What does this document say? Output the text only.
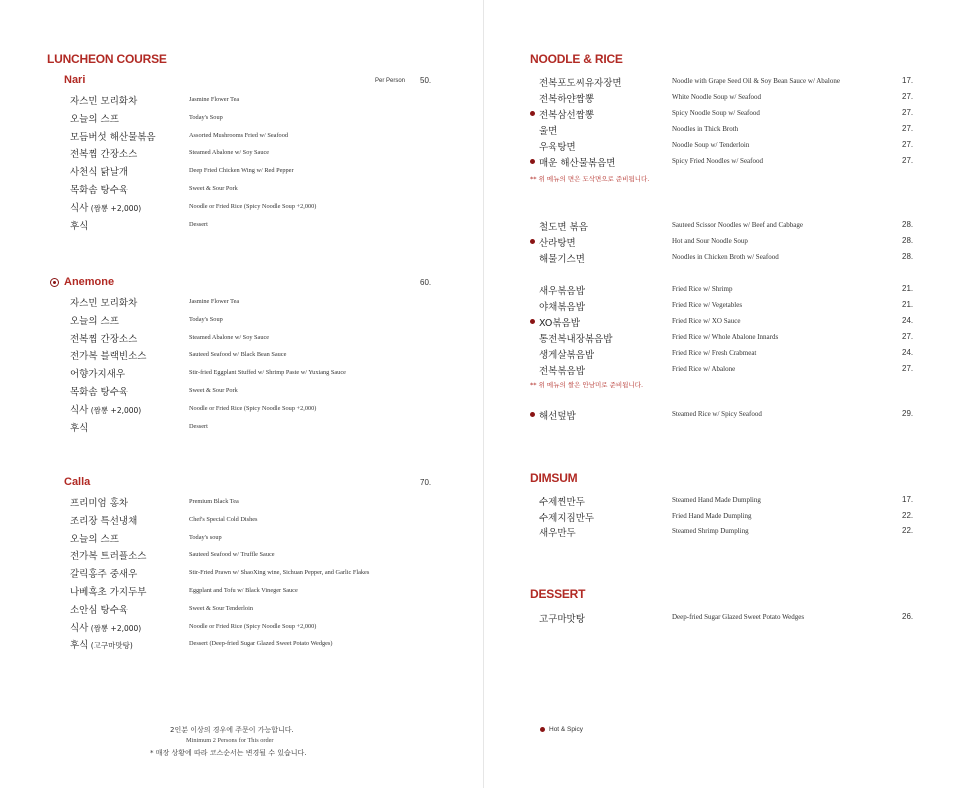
LUNCHEON COURSE
Nari	Per Person 50.
자스민 모리화차	Jasmine Flower Tea
오늘의 스프	Today's Soup
모듬버섯 해산물볶음	Assorted Mushrooms Fried w/ Seafood
전복찜 간장소스	Steamed Abalone w/ Soy Sauce
사천식 닭날개	Deep Fried Chicken Wing w/ Red Pepper
목화솜 탕수육	Sweet & Sour Pork
식사 (짬뽕 +2,000)	Noodle or Fried Rice (Spicy Noodle Soup +2,000)
후식	Dessert
Anemone	60.
자스민 모리화차	Jasmine Flower Tea
오늘의 스프	Today's Soup
전복찜 간장소스	Steamed Abalone w/ Soy Sauce
전가복 블랙빈소스	Sauteed Seafood w/ Black Bean Sauce
어향가지새우	Stir-fried Eggplant Stuffed w/ Shrimp Paste w/ Yuxiang Sauce
목화솜 탕수육	Sweet & Sour Pork
식사 (짬뽕 +2,000)	Noodle or Fried Rice (Spicy Noodle Soup +2,000)
후식	Dessert
Calla	70.
프리미엄 홍차	Premium Black Tea
조리장 특선냉채	Chef's Special Cold Dishes
오늘의 스프	Today's soup
전가복 트러플소스	Sauteed Seafood w/ Truffle Sauce
갈릭홍주 중새우	Stir-Fried Prawn w/ ShaoXing wine, Sichuan Pepper, and Garlic Flakes
나베흑초 가지두부	Eggplant and Tofu w/ Black Vineger Sauce
소안심 탕수육	Sweet & Sour Tenderloin
식사 (짬뽕 +2,000)	Noodle or Fried Rice (Spicy Noodle Soup +2,000)
후식 (고구마맛탕)	Dessert (Deep-fried Sugar Glazed Sweet Potato Wedges)
2인분 이상의 경우에 주문이 가능합니다.
Minimum 2 Persons for This order
* 매장 상황에 따라 코스순서는 변경될 수 있습니다.
NOODLE & RICE
전복포도씨유자장면	Noodle with Grape Seed Oil & Soy Bean Sauce w/ Abalone	17.
전복하얀짬뽕	White Noodle Soup w/ Seafood	27.
전복삼선짬뽕	Spicy Noodle Soup w/ Seafood	27.
울면	Noodles in Thick Broth	27.
우육탕면	Noodle Soup w/ Tenderloin	27.
매운 해산물볶음면	Spicy Fried Noodles w/ Seafood	27.
** 위 메뉴의 면은 도삭면으로 준비됩니다.
철도면 볶음	Sauteed Scissor Noodles w/ Beef and Cabbage	28.
산라탕면	Hot and Sour Noodle Soup	28.
해물기스면	Noodles in Chicken Broth w/ Seafood	28.
새우볶음밥	Fried Rice w/ Shrimp	21.
야채볶음밥	Fried Rice w/ Vegetables	21.
XO볶음밥	Fried Rice w/ XO Sauce	24.
통전복내장볶음밥	Fried Rice w/ Whole Abalone Innards	27.
생게살볶음밥	Fried Rice w/ Fresh Crabmeat	24.
전복볶음밥	Fried Rice w/ Abalone	27.
** 위 메뉴의 쌀은 안남미로 준비됩니다.
해선덮밥	Steamed Rice w/ Spicy Seafood	29.
DIMSUM
수제찐만두	Steamed Hand Made Dumpling	17.
수제지짐만두	Fried Hand Made Dumpling	22.
새우만두	Steamed Shrimp Dumpling	22.
DESSERT
고구마맛탕	Deep-fried Sugar Glazed Sweet Potato Wedges	26.
Hot & Spicy
